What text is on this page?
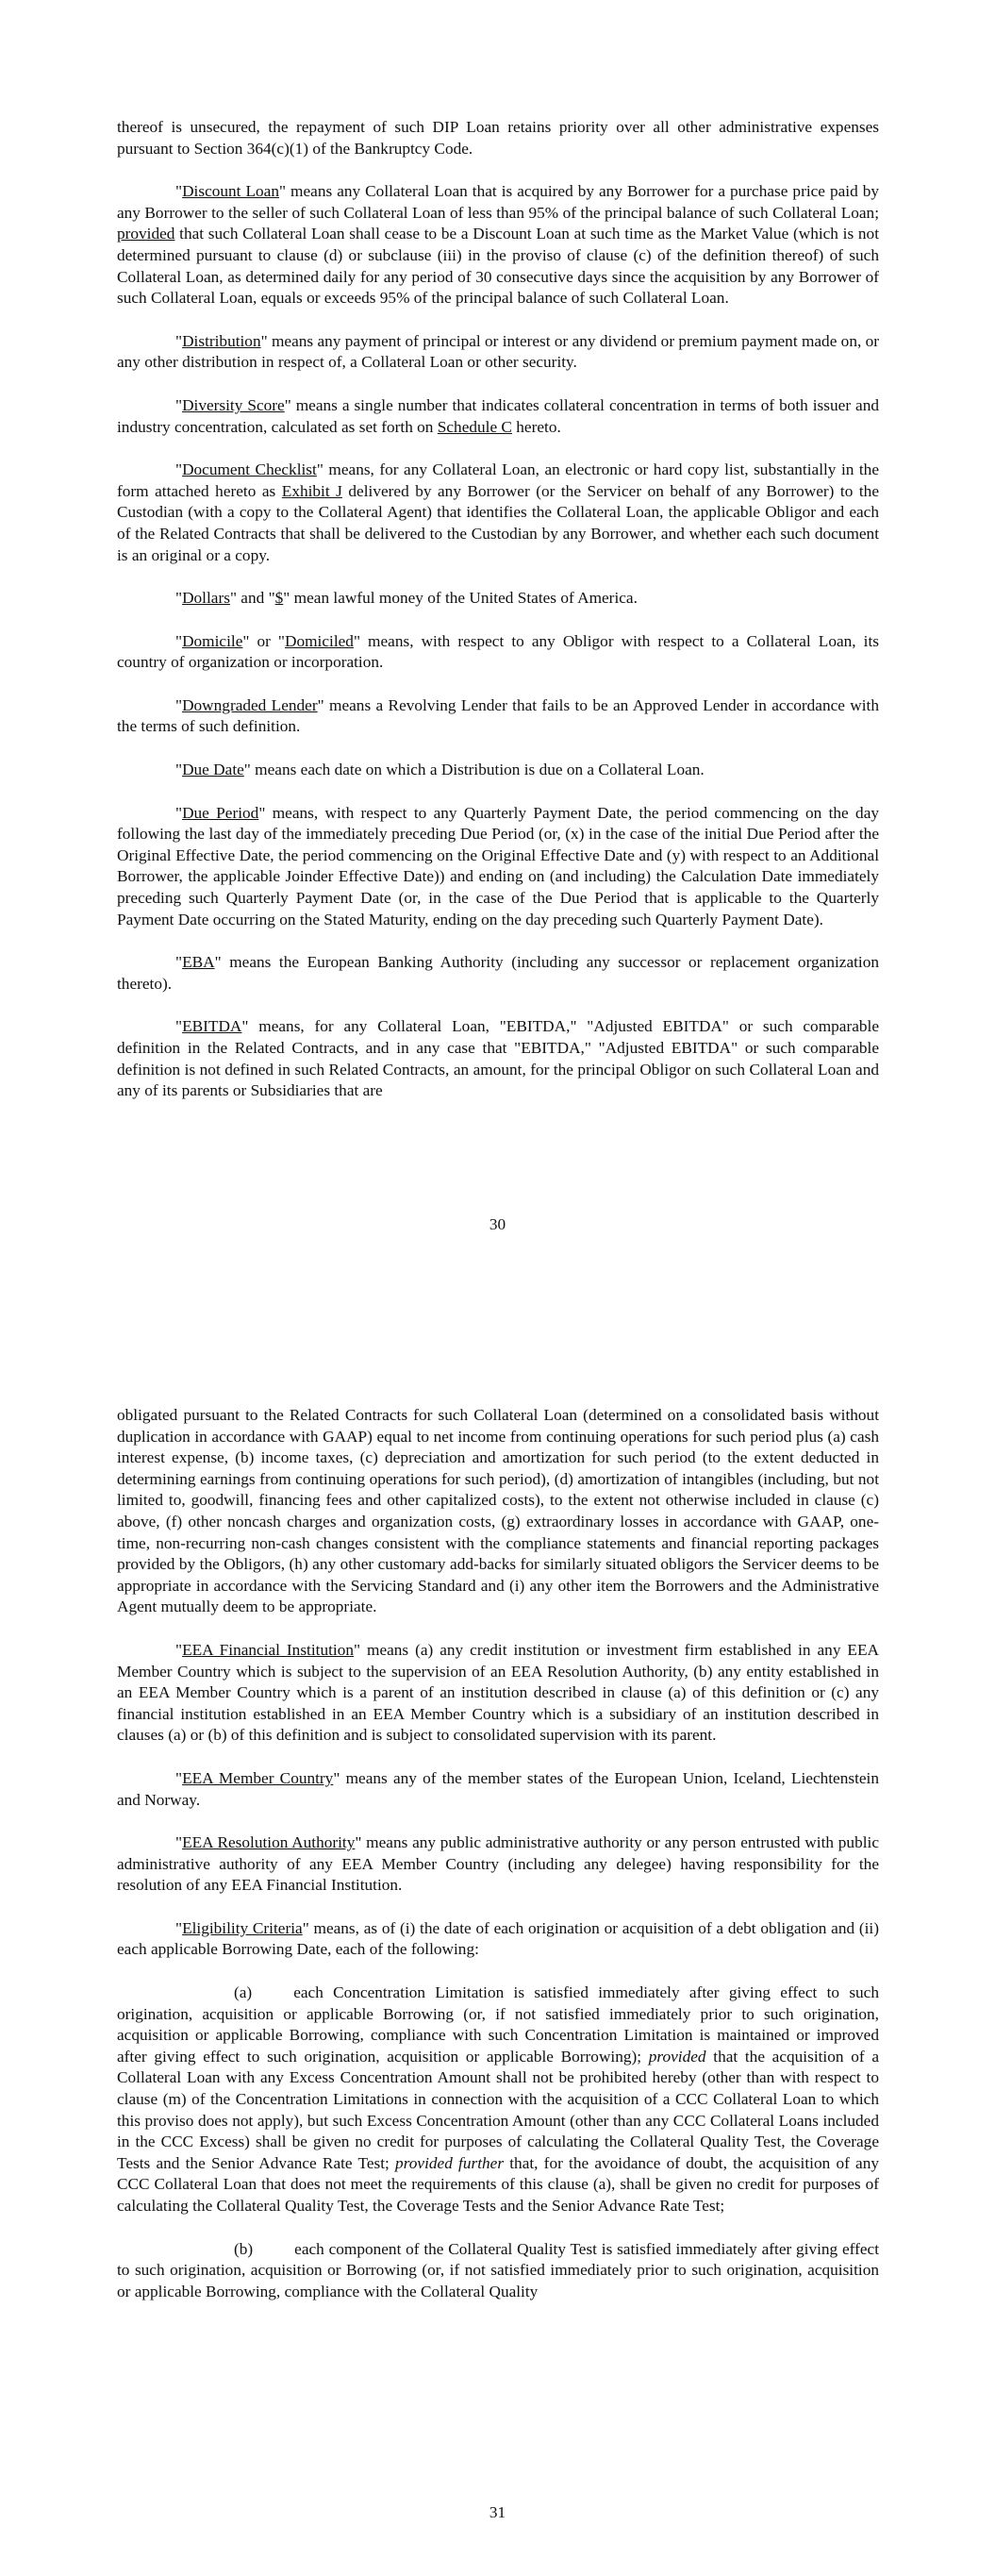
thereof is unsecured, the repayment of such DIP Loan retains priority over all other administrative expenses pursuant to Section 364(c)(1) of the Bankruptcy Code.

"Discount Loan" means any Collateral Loan that is acquired by any Borrower for a purchase price paid by any Borrower to the seller of such Collateral Loan of less than 95% of the principal balance of such Collateral Loan; provided that such Collateral Loan shall cease to be a Discount Loan at such time as the Market Value (which is not determined pursuant to clause (d) or subclause (iii) in the proviso of clause (c) of the definition thereof) of such Collateral Loan, as determined daily for any period of 30 consecutive days since the acquisition by any Borrower of such Collateral Loan, equals or exceeds 95% of the principal balance of such Collateral Loan.

"Distribution" means any payment of principal or interest or any dividend or premium payment made on, or any other distribution in respect of, a Collateral Loan or other security.

"Diversity Score" means a single number that indicates collateral concentration in terms of both issuer and industry concentration, calculated as set forth on Schedule C hereto.

"Document Checklist" means, for any Collateral Loan, an electronic or hard copy list, substantially in the form attached hereto as Exhibit J delivered by any Borrower (or the Servicer on behalf of any Borrower) to the Custodian (with a copy to the Collateral Agent) that identifies the Collateral Loan, the applicable Obligor and each of the Related Contracts that shall be delivered to the Custodian by any Borrower, and whether each such document is an original or a copy.

"Dollars" and "$" mean lawful money of the United States of America.

"Domicile" or "Domiciled" means, with respect to any Obligor with respect to a Collateral Loan, its country of organization or incorporation.

"Downgraded Lender" means a Revolving Lender that fails to be an Approved Lender in accordance with the terms of such definition.

"Due Date" means each date on which a Distribution is due on a Collateral Loan.

"Due Period" means, with respect to any Quarterly Payment Date, the period commencing on the day following the last day of the immediately preceding Due Period (or, (x) in the case of the initial Due Period after the Original Effective Date, the period commencing on the Original Effective Date and (y) with respect to an Additional Borrower, the applicable Joinder Effective Date)) and ending on (and including) the Calculation Date immediately preceding such Quarterly Payment Date (or, in the case of the Due Period that is applicable to the Quarterly Payment Date occurring on the Stated Maturity, ending on the day preceding such Quarterly Payment Date).

"EBA" means the European Banking Authority (including any successor or replacement organization thereto).

"EBITDA" means, for any Collateral Loan, "EBITDA," "Adjusted EBITDA" or such comparable definition in the Related Contracts, and in any case that "EBITDA," "Adjusted EBITDA" or such comparable definition is not defined in such Related Contracts, an amount, for the principal Obligor on such Collateral Loan and any of its parents or Subsidiaries that are

30

obligated pursuant to the Related Contracts for such Collateral Loan (determined on a consolidated basis without duplication in accordance with GAAP) equal to net income from continuing operations for such period plus (a) cash interest expense, (b) income taxes, (c) depreciation and amortization for such period (to the extent deducted in determining earnings from continuing operations for such period), (d) amortization of intangibles (including, but not limited to, goodwill, financing fees and other capitalized costs), to the extent not otherwise included in clause (c) above, (f) other noncash charges and organization costs, (g) extraordinary losses in accordance with GAAP, one-time, non-recurring non-cash changes consistent with the compliance statements and financial reporting packages provided by the Obligors, (h) any other customary add-backs for similarly situated obligors the Servicer deems to be appropriate in accordance with the Servicing Standard and (i) any other item the Borrowers and the Administrative Agent mutually deem to be appropriate.

"EEA Financial Institution" means (a) any credit institution or investment firm established in any EEA Member Country which is subject to the supervision of an EEA Resolution Authority, (b) any entity established in an EEA Member Country which is a parent of an institution described in clause (a) of this definition or (c) any financial institution established in an EEA Member Country which is a subsidiary of an institution described in clauses (a) or (b) of this definition and is subject to consolidated supervision with its parent.

"EEA Member Country" means any of the member states of the European Union, Iceland, Liechtenstein and Norway.

"EEA Resolution Authority" means any public administrative authority or any person entrusted with public administrative authority of any EEA Member Country (including any delegee) having responsibility for the resolution of any EEA Financial Institution.

"Eligibility Criteria" means, as of (i) the date of each origination or acquisition of a debt obligation and (ii) each applicable Borrowing Date, each of the following:

(a)	each Concentration Limitation is satisfied immediately after giving effect to such origination, acquisition or applicable Borrowing (or, if not satisfied immediately prior to such origination, acquisition or applicable Borrowing, compliance with such Concentration Limitation is maintained or improved after giving effect to such origination, acquisition or applicable Borrowing); provided that the acquisition of a Collateral Loan with any Excess Concentration Amount shall not be prohibited hereby (other than with respect to clause (m) of the Concentration Limitations in connection with the acquisition of a CCC Collateral Loan to which this proviso does not apply), but such Excess Concentration Amount (other than any CCC Collateral Loans included in the CCC Excess) shall be given no credit for purposes of calculating the Collateral Quality Test, the Coverage Tests and the Senior Advance Rate Test; provided further that, for the avoidance of doubt, the acquisition of any CCC Collateral Loan that does not meet the requirements of this clause (a), shall be given no credit for purposes of calculating the Collateral Quality Test, the Coverage Tests and the Senior Advance Rate Test;

(b)	each component of the Collateral Quality Test is satisfied immediately after giving effect to such origination, acquisition or Borrowing (or, if not satisfied immediately prior to such origination, acquisition or applicable Borrowing, compliance with the Collateral Quality

31
